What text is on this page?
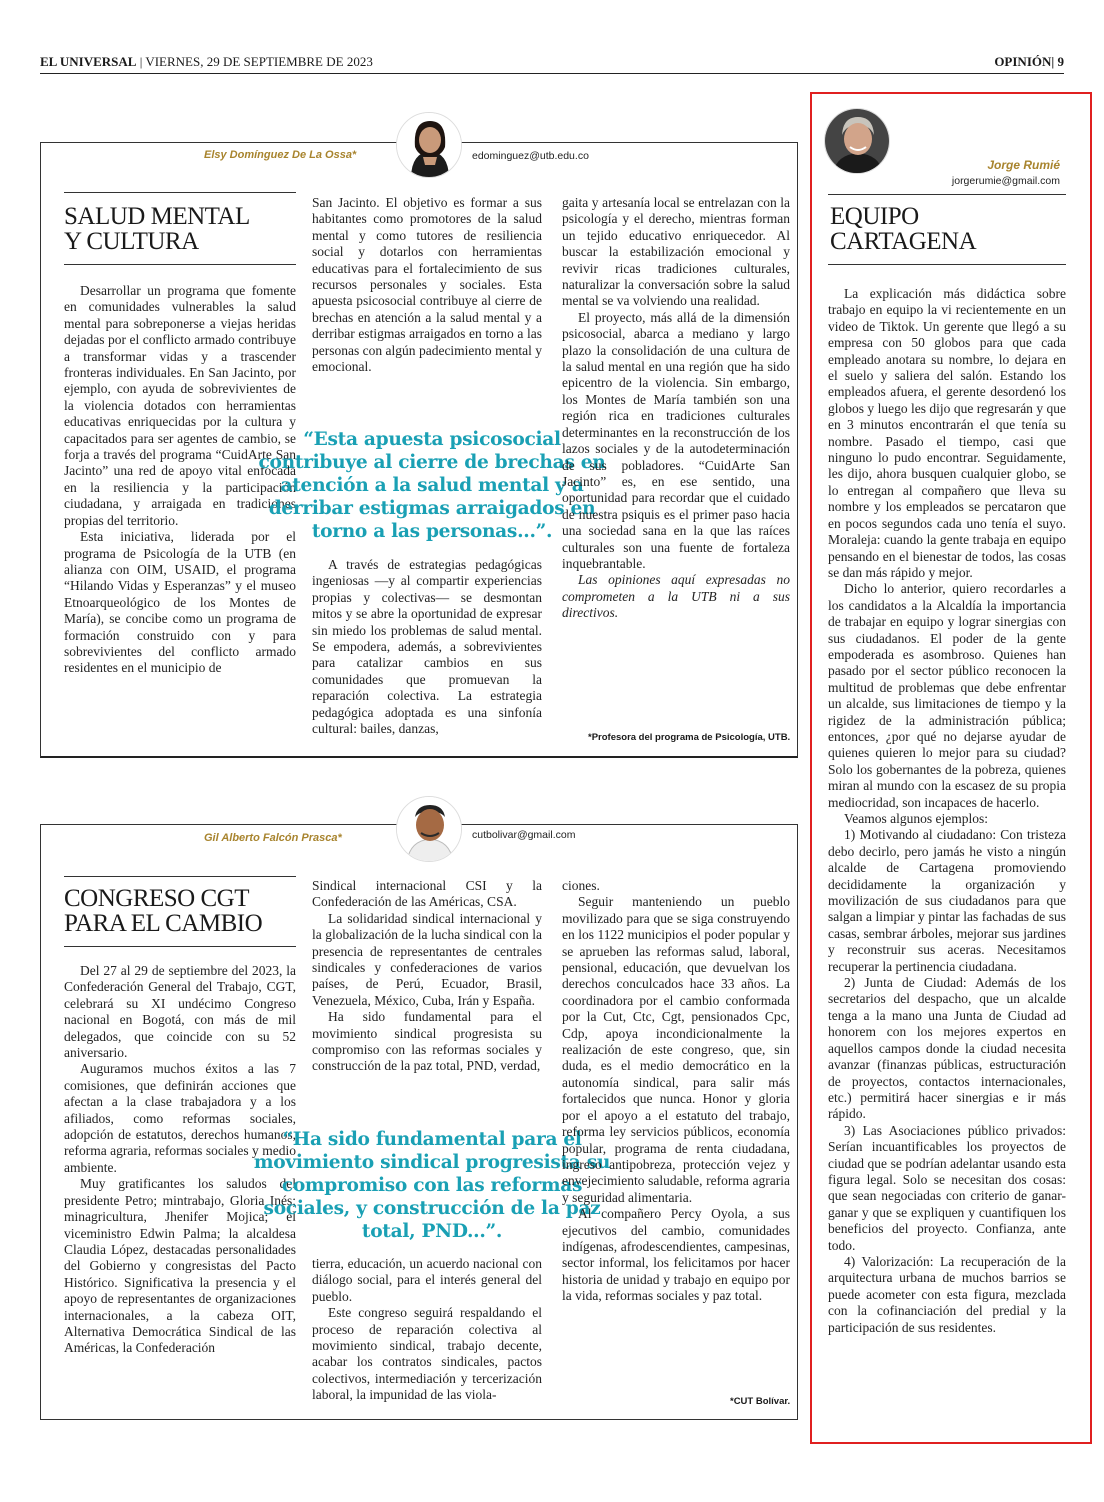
EL UNIVERSAL | VIERNES, 29 DE SEPTIEMBRE DE 2023	OPINIÓN| 9
Elsy Domínguez De La Ossa*	edominguez@utb.edu.co
SALUD MENTAL
Y CULTURA

Desarrollar un programa que fomente en comunidades vulnerables la salud mental para sobreponerse a viejas heridas dejadas por el conflicto armado contribuye a transformar vidas y a trascender fronteras individuales. En San Jacinto, por ejemplo, con ayuda de sobrevivientes de la violencia dotados con herramientas educativas enriquecidas por la cultura y capacitados para ser agentes de cambio, se forja a través del programa “CuidArte San Jacinto” una red de apoyo vital enfocada en la resiliencia y la participación ciudadana, y arraigada en tradiciones propias del territorio.

Esta iniciativa, liderada por el programa de Psicología de la UTB (en alianza con OIM, USAID, el programa “Hilando Vidas y Esperanzas” y el museo Etnoarqueológico de los Montes de María), se concibe como un programa de formación construido con y para sobrevivientes del conflicto armado residentes en el municipio de

San Jacinto. El objetivo es formar a sus habitantes como promotores de la salud mental y como tutores de resiliencia social y dotarlos con herramientas educativas para el fortalecimiento de sus recursos personales y sociales. Esta apuesta psicosocial contribuye al cierre de brechas en atención a la salud mental y a derribar estigmas arraigados en torno a las personas con algún padecimiento mental y emocional.

“Esta apuesta psicosocial contribuye al cierre de brechas en atención a la salud mental y a derribar estigmas arraigados en torno a las personas...”.

A través de estrategias pedagógicas ingeniosas —y al compartir experiencias propias y colectivas— se desmontan mitos y se abre la oportunidad de expresar sin miedo los problemas de salud mental. Se empodera, además, a sobrevivientes para catalizar cambios en sus comunidades que promuevan la reparación colectiva. La estrategia pedagógica adoptada es una sinfonía cultural: bailes, danzas,

gaita y artesanía local se entrelazan con la psicología y el derecho, mientras forman un tejido educativo enriquecedor. Al buscar la estabilización emocional y revivir ricas tradiciones culturales, naturalizar la conversación sobre la salud mental se va volviendo una realidad.

El proyecto, más allá de la dimensión psicosocial, abarca a mediano y largo plazo la consolidación de una cultura de la salud mental en una región que ha sido epicentro de la violencia. Sin embargo, los Montes de María también son una región rica en tradiciones culturales determinantes en la reconstrucción de los lazos sociales y de la autodeterminación de sus pobladores. “CuidArte San Jacinto” es, en ese sentido, una oportunidad para recordar que el cuidado de nuestra psiquis es el primer paso hacia una sociedad sana en la que las raíces culturales son una fuente de fortaleza inquebrantable.

Las opiniones aquí expresadas no comprometen a la UTB ni a sus directivos.

*Profesora del programa de Psicología, UTB.
Gil Alberto Falcón Prasca*	cutbolivar@gmail.com
CONGRESO CGT
PARA EL CAMBIO

Del 27 al 29 de septiembre del 2023, la Confederación General del Trabajo, CGT, celebrará su XI undécimo Congreso nacional en Bogotá, con más de mil delegados, que coincide con su 52 aniversario.

Auguramos muchos éxitos a las 7 comisiones, que definirán acciones que afectan a la clase trabajadora y a los afiliados, como reformas sociales, adopción de estatutos, derechos humanos, reforma agraria, reformas sociales y medio ambiente.

Muy gratificantes los saludos del presidente Petro; mintrabajo, Gloria Inés; minagricultura, Jhenifer Mojica; el viceministro Edwin Palma; la alcaldesa Claudia López, destacadas personalidades del Gobierno y congresistas del Pacto Histórico. Significativa la presencia y el apoyo de representantes de organizaciones internacionales, a la cabeza OIT, Alternativa Democrática Sindical de las Américas, la Confederación

Sindical internacional CSI y la Confederación de las Américas, CSA.

La solidaridad sindical internacional y la globalización de la lucha sindical con la presencia de representantes de centrales sindicales y confederaciones de varios países, de Perú, Ecuador, Brasil, Venezuela, México, Cuba, Irán y España.

Ha sido fundamental para el movimiento sindical progresista su compromiso con las reformas sociales y construcción de la paz total, PND, verdad,

“Ha sido fundamental para el movimiento sindical progresista su compromiso con las reformas sociales, y construcción de la paz total, PND...”.

tierra, educación, un acuerdo nacional con diálogo social, para el interés general del pueblo.

Este congreso seguirá respaldando el proceso de reparación colectiva al movimiento sindical, trabajo decente, acabar los contratos sindicales, pactos colectivos, intermediación y tercerización laboral, la impunidad de las viola-

ciones.

Seguir manteniendo un pueblo movilizado para que se siga construyendo en los 1122 municipios el poder popular y se aprueben las reformas salud, laboral, pensional, educación, que devuelvan los derechos conculcados hace 33 años. La coordinadora por el cambio conformada por la Cut, Ctc, Cgt, pensionados Cpc, Cdp, apoya incondicionalmente la realización de este congreso, que, sin duda, es el medio democrático en la autonomía sindical, para salir más fortalecidos que nunca. Honor y gloria por el apoyo a el estatuto del trabajo, reforma ley servicios públicos, economía popular, programa de renta ciudadana, ingreso antipobreza, protección vejez y envejecimiento saludable, reforma agraria y seguridad alimentaria.

Al compañero Percy Oyola, a sus ejecutivos del cambio, comunidades indígenas, afrodescendientes, campesinas, sector informal, los felicitamos por hacer historia de unidad y trabajo en equipo por la vida, reformas sociales y paz total.

*CUT Bolívar.
Jorge Rumié
jorgerumie@gmail.com
EQUIPO
CARTAGENA

La explicación más didáctica sobre trabajo en equipo la vi recientemente en un video de Tiktok. Un gerente que llegó a su empresa con 50 globos para que cada empleado anotara su nombre, lo dejara en el suelo y saliera del salón. Estando los empleados afuera, el gerente desordenó los globos y luego les dijo que regresarán y que en 3 minutos encontrarán el que tenía su nombre. Pasado el tiempo, casi que ninguno lo pudo encontrar. Seguidamente, les dijo, ahora busquen cualquier globo, se lo entregan al compañero que lleva su nombre y los empleados se percataron que en pocos segundos cada uno tenía el suyo. Moraleja: cuando la gente trabaja en equipo pensando en el bienestar de todos, las cosas se dan más rápido y mejor.

Dicho lo anterior, quiero recordarles a los candidatos a la Alcaldía la importancia de trabajar en equipo y lograr sinergias con sus ciudadanos. El poder de la gente empoderada es asombroso. Quienes han pasado por el sector público reconocen la multitud de problemas que debe enfrentar un alcalde, sus limitaciones de tiempo y la rigidez de la administración pública; entonces, ¿por qué no dejarse ayudar de quienes quieren lo mejor para su ciudad? Solo los gobernantes de la pobreza, quienes miran al mundo con la escasez de su propia mediocridad, son incapaces de hacerlo.

Veamos algunos ejemplos:

1) Motivando al ciudadano: Con tristeza debo decirlo, pero jamás he visto a ningún alcalde de Cartagena promoviendo decididamente la organización y movilización de sus ciudadanos para que salgan a limpiar y pintar las fachadas de sus casas, sembrar árboles, mejorar sus jardines y reconstruir sus aceras. Necesitamos recuperar la pertinencia ciudadana.

2) Junta de Ciudad: Además de los secretarios del despacho, que un alcalde tenga a la mano una Junta de Ciudad ad honorem con los mejores expertos en aquellos campos donde la ciudad necesita avanzar (finanzas públicas, estructuración de proyectos, contactos internacionales, etc.) permitirá hacer sinergias e ir más rápido.

3) Las Asociaciones público privados: Serían incuantificables los proyectos de ciudad que se podrían adelantar usando esta figura legal. Solo se necesitan dos cosas: que sean negociadas con criterio de ganar-ganar y que se expliquen y cuantifiquen los beneficios del proyecto. Confianza, ante todo.

4) Valorización: La recuperación de la arquitectura urbana de muchos barrios se puede acometer con esta figura, mezclada con la cofinanciación del predial y la participación de sus residentes.
